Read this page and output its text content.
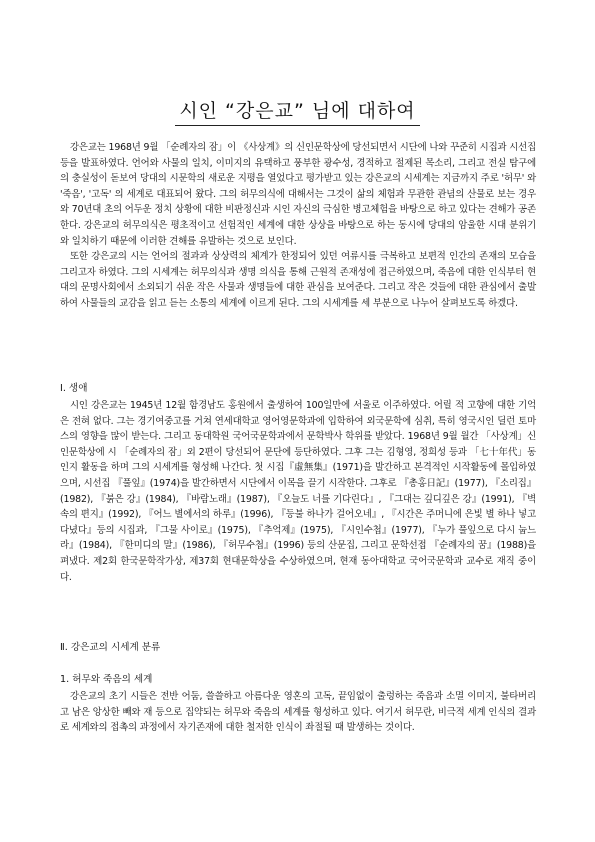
시인 “강은교” 님에 대하여

강은교는 1968년 9월 「순례자의 잠」이 《사상계》의 신인문학상에 당선되면서 시단에 나와 꾸준히 시집과 시선집 등을 발표하였다. 언어와 사물의 일치, 이미지의 유택하고 풍부한 광수성, 경적하고 절제된 목소리, 그리고 전실 탐구에의 충실성이 돋보여 당대의 시문학의 새로운 지평을 열었다고 평가받고 있는 강은교의 시세계는 지금까지 주로 '허무' 와 '죽음', '고독' 의 세계로 대표되어 왔다. 그의 허무의식에 대해서는 그것이 삶의 체험과 무관한 관념의 산물로 보는 경우와 70년대 초의 어두운 정치 상황에 대한 비판정신과 시인 자신의 극심한 병고체험을 바탕으로 하고 있다는 견해가 공존한다. 강은교의 허무의식은 평초적이고 선험적인 세계에 대한 상상을 바탕으로 하는 동시에 당대의 암울한 시대 분위기와 일치하기 때문에 이러한 견해를 유발하는 것으로 보인다.

또한 강은교의 시는 언어의 절과과 상상력의 체계가 한정되어 있던 여류시를 극복하고 보편적 인간의 존재의 모습을 그리고자 하였다. 그의 시세계는 허무의식과 생명 의식을 통해 근원적 존재성에 접근하였으며, 죽음에 대한 인식부터 현대의 문명사회에서 소외되기 쉬운 작은 사물과 생명들에 대한 관심을 보여준다. 그리고 작은 것들에 대한 관심에서 출발하여 사물들의 교감을 읽고 듣는 소통의 세계에 이르게 된다. 그의 시세계를 세 부분으로 나누어 살펴보도록 하겠다.

Ⅰ. 생애

시인 강은교는 1945년 12월 함경남도 홍원에서 출생하여 100일만에 서울로 이주하였다. 어릴 적 고향에 대한 기억은 전혀 없다. 그는 경기여중고를 거쳐 연세대학교 영어영문학과에 입학하여 외국문학에 심취, 특히 영국시인 딜런 토마스의 영향을 많이 받는다. 그리고 동대학원 국어국문학과에서 문학박사 학위를 받았다. 1968년 9월 월간 「사상계」신인문학상에 시 「순례자의 잠」외 2편이 당선되어 문단에 등단하였다. 그후 그는 김형영, 정희성 등과 「七十年代」동인지 활동을 하며 그의 시세계를 형성해 나간다. 첫 시집『虛無集』(1971)을 발간하고 본격적인 시작활동에 몰입하였으며, 시선집 『풀잎』(1974)을 발간하면서 시단에서 이목을 끌기 시작한다. 그후로 『총홍日記』(1977), 『소리집』(1982), 『붉은 강』(1984), 『바람노래』(1987), 『오늘도 너를 기다린다』, 『그대는 깊디깊은 강』(1991), 『벽 속의 편지』(1992), 『어느 별에서의 하루』(1996), 『등불 하나가 걸어오네』, 『시간은 주머니에 은빛 별 하나 넣고 다녔다』등의 시집과, 『그물 사이로』(1975), 『추억제』(1975), 『시인수첩』(1977), 『누가 풀잎으로 다시 눕느라』(1984), 『한미디의 말』(1986), 『허무수첩』(1996) 등의 산문집, 그리고 문학선접 『순례자의 꿈』(1988)을 펴냈다. 제2회 한국문학작가상, 제37회 현대문학상을 수상하였으며, 현재 동아대학교 국어국문학과 교수로 재직 중이다.

Ⅱ. 강은교의 시세계 분류
1. 허무와 죽음의 세계

강은교의 초기 시들은 전반 어둠, 쓸쓸하고 아름다운 영혼의 고독, 끝임없이 출렁하는 죽음과 소멸 이미지, 불타버리고 남은 앙상한 빼와 재 등으로 집약되는 허무와 죽음의 세계를 형성하고 있다. 여기서 허무란, 비극적 세계 인식의 결과로 세계와의 접촉의 과정에서 자기존재에 대한 철저한 인식이 좌절될 때 발생하는 것이다.
